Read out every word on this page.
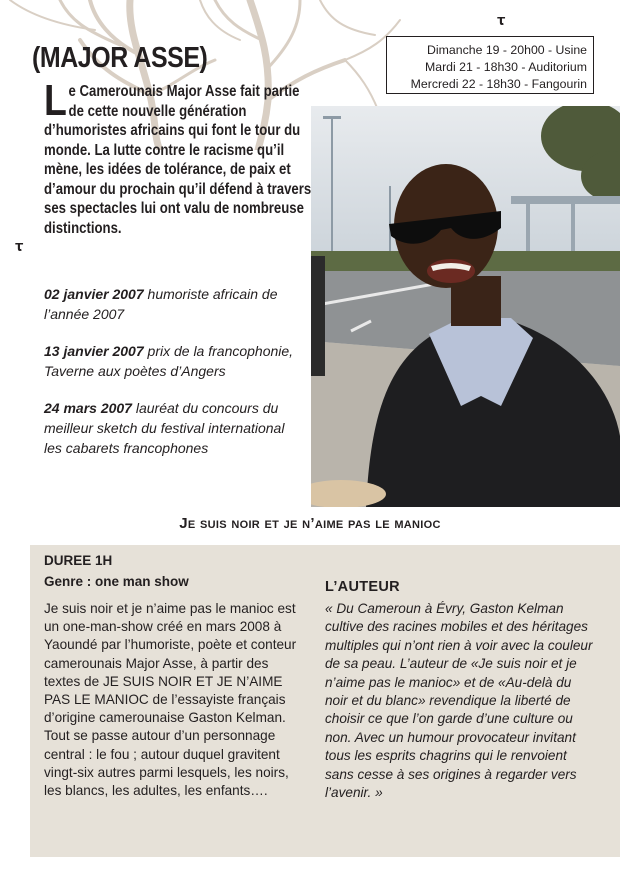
(MAJOR ASSE)	Dimanche 19 - 20h00 - Usine
Mardi 21 - 18h30 - Auditorium
Mercredi 22 - 18h30 - Fangourin
𝛕
𝛕

Le Camerounais Major Asse fait partie de cette nouvelle génération d’humoristes africains qui font le tour du monde. La lutte contre le racisme qu’il mène, les idées de tolérance, de paix et d’amour du prochain qu’il défend à travers ses spectacles lui ont valu de nombreuse distinctions.

02 janvier 2007 humoriste africain de l’année 2007
13 janvier 2007 prix de la francophonie, Taverne aux poètes d’Angers
24 mars 2007 lauréat du concours du meilleur sketch du festival international les cabarets francophones
Je suis noir et je n’aime pas le manioc
DUREE 1H
Genre : one man show
Je suis noir et je n’aime pas le manioc est un one-man-show créé en mars 2008 à Yaoundé par l’humoriste, poète et conteur camerounais Major Asse, à partir des textes de JE SUIS NOIR ET JE N’AIME PAS LE MANIOC de l’essayiste français d’origine camerounaise Gaston Kelman. Tout se passe autour d’un personnage central : le fou ; autour duquel gravitent vingt-six autres parmi lesquels, les noirs, les blancs, les adultes, les enfants….
L’AUTEUR
« Du Cameroun à Évry, Gaston Kelman cultive des racines mobiles et des héritages multiples qui n’ont rien à voir avec la couleur de sa peau. L’auteur de «Je suis noir et je n’aime pas le manioc» et de «Au-delà du noir et du blanc» revendique la liberté de choisir ce que l’on garde d’une culture ou non. Avec un humour provocateur invitant tous les esprits chagrins qui le renvoient sans cesse à ses origines à regarder vers l’avenir. »
